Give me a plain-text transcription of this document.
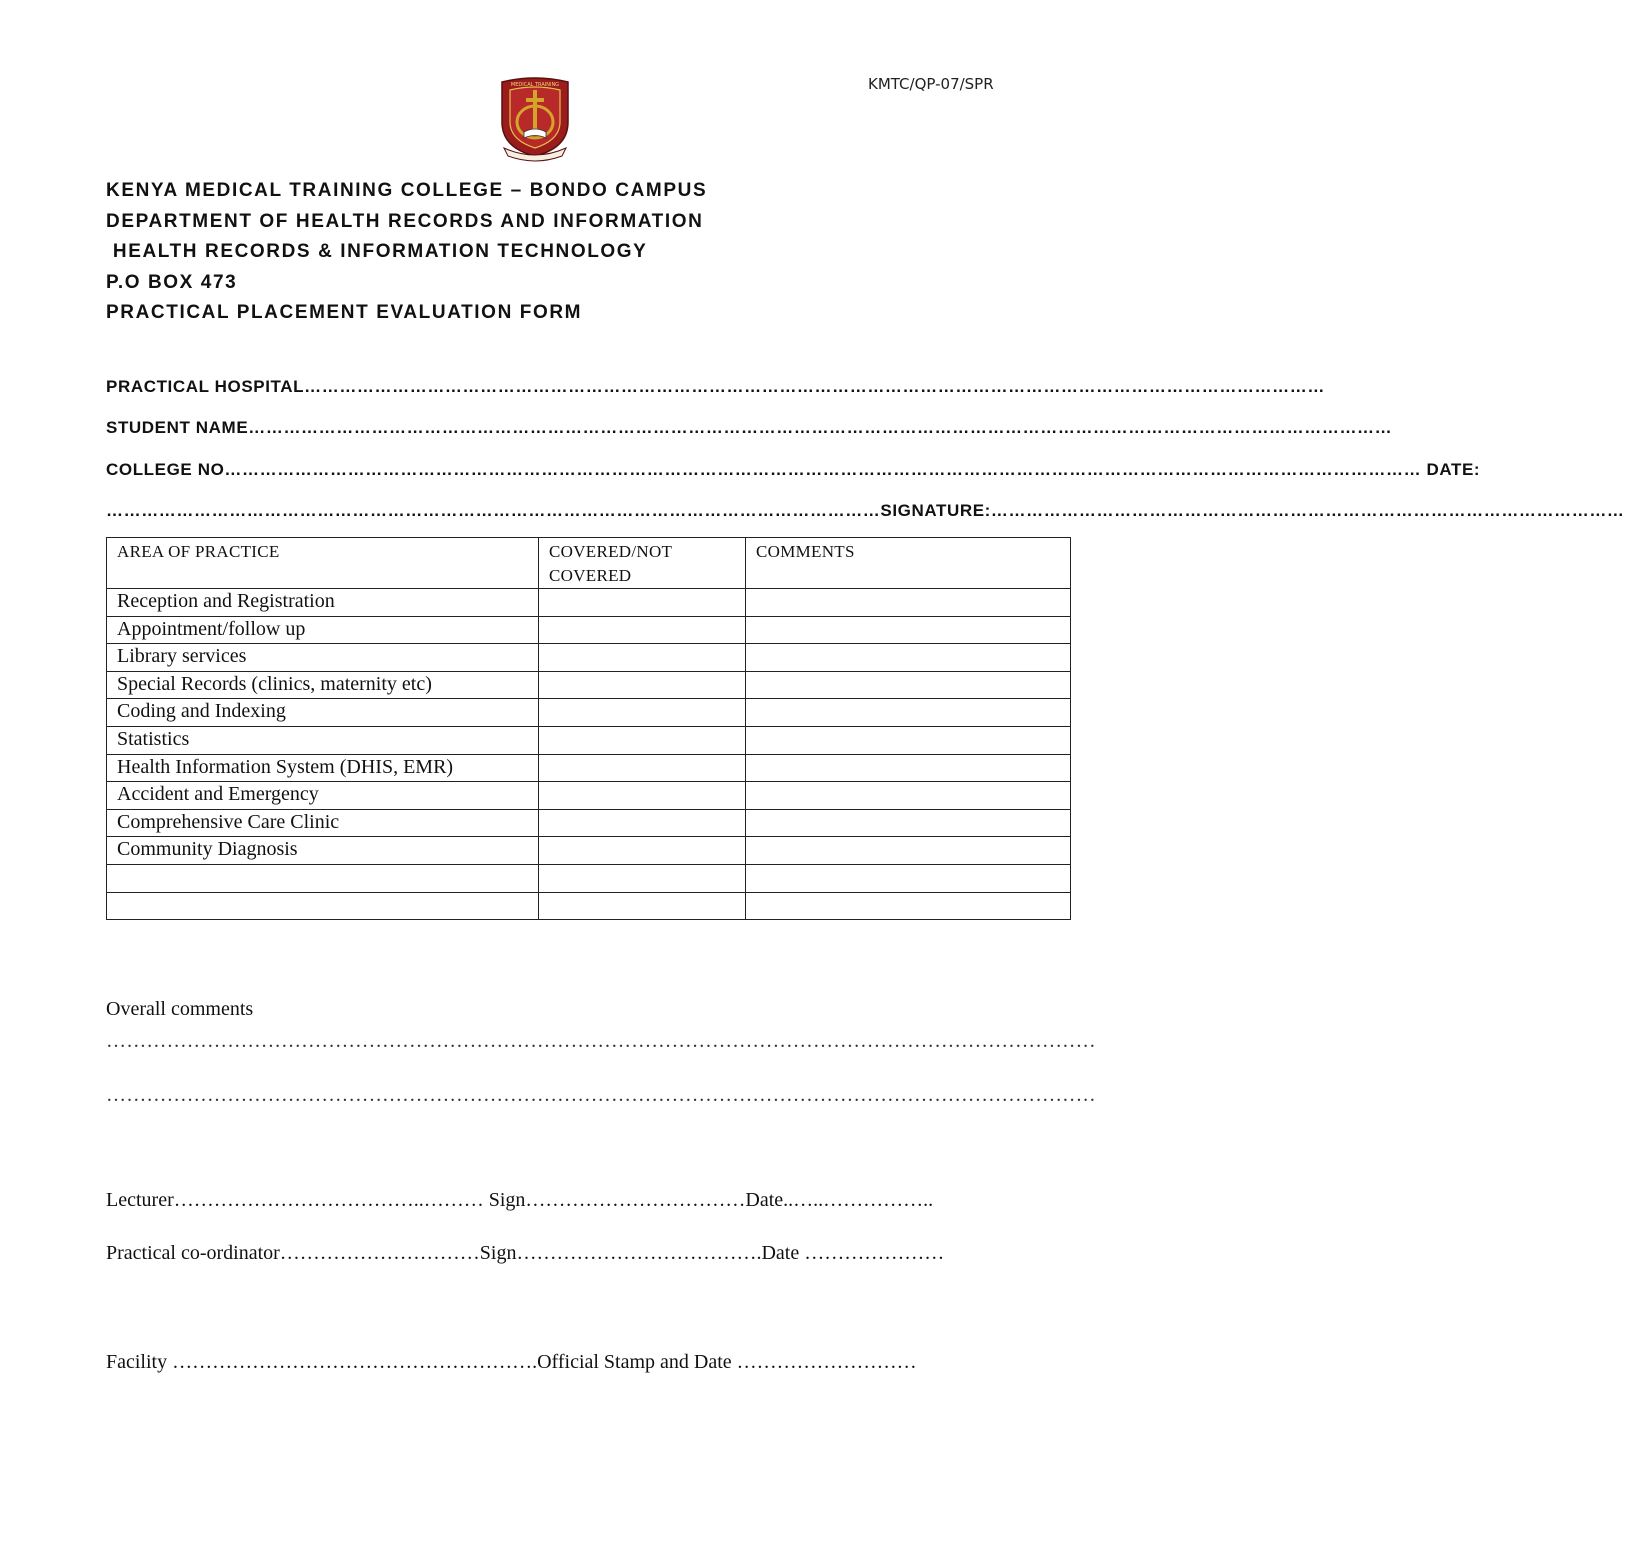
KMTC/QP-07/SPR
MEDICAL TRAINING
KENYA MEDICAL TRAINING COLLEGE – BONDO CAMPUS
DEPARTMENT OF HEALTH RECORDS AND INFORMATION
HEALTH RECORDS & INFORMATION TECHNOLOGY
P.O BOX 473
PRACTICAL PLACEMENT EVALUATION FORM
PRACTICAL HOSPITAL…………………………………………………………………………………………………………………………………………………………
STUDENT NAME……………………………………………………………………………………………………………………………………………………………………………
COLLEGE NO…………………………………………………………………………………………………………………………………………………………………………………… DATE:
……………………………………………………………………………………………………………………SIGNATURE:………………………………………………………………………………………………
AREA OF PRACTICE	COVERED/NOT COVERED	COMMENTS
Reception and Registration		
Appointment/follow up		
Library services		
Special Records (clinics, maternity etc)		
Coding and Indexing		
Statistics		
Health Information System (DHIS, EMR)		
Accident and Emergency		
Comprehensive Care Clinic		
Community Diagnosis		

Overall comments
…………………………………………………………………………………………………………………………………
…………………………………………………………………………………………………………………………………
Lecturer………………………………..……… Sign……………………………Date..…..……………..
Practical co-ordinator…………………………Sign……………………………….Date …………………
Facility ……………………………………………….Official Stamp and Date ………………………
